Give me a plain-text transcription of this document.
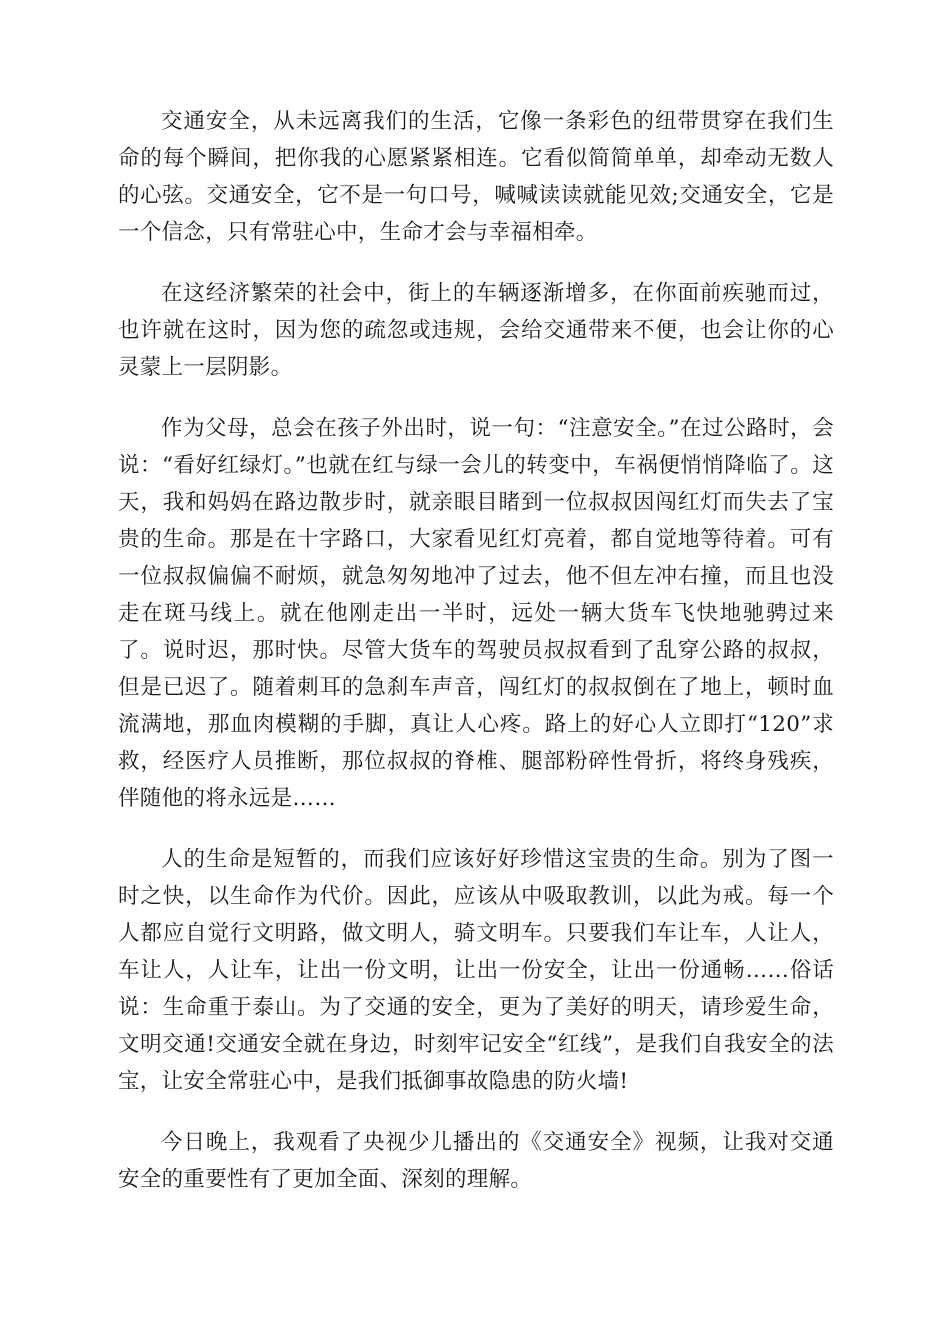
交通安全，从未远离我们的生活，它像一条彩色的纽带贯穿在我们生命的每个瞬间，把你我的心愿紧紧相连。它看似简简单单，却牵动无数人的心弦。交通安全，它不是一句口号，喊喊读读就能见效;交通安全，它是一个信念，只有常驻心中，生命才会与幸福相牵。

在这经济繁荣的社会中，街上的车辆逐渐增多，在你面前疾驰而过，也许就在这时，因为您的疏忽或违规，会给交通带来不便，也会让你的心灵蒙上一层阴影。

作为父母，总会在孩子外出时，说一句：“注意安全。”在过公路时，会说：“看好红绿灯。”也就在红与绿一会儿的转变中，车祸便悄悄降临了。这天，我和妈妈在路边散步时，就亲眼目睹到一位叔叔因闯红灯而失去了宝贵的生命。那是在十字路口，大家看见红灯亮着，都自觉地等待着。可有一位叔叔偏偏不耐烦，就急匆匆地冲了过去，他不但左冲右撞，而且也没走在斑马线上。就在他刚走出一半时，远处一辆大货车飞快地驰骋过来了。说时迟，那时快。尽管大货车的驾驶员叔叔看到了乱穿公路的叔叔，但是已迟了。随着刺耳的急刹车声音，闯红灯的叔叔倒在了地上，顿时血流满地，那血肉模糊的手脚，真让人心疼。路上的好心人立即打“120”求救，经医疗人员推断，那位叔叔的脊椎、腿部粉碎性骨折，将终身残疾，伴随他的将永远是……

人的生命是短暂的，而我们应该好好珍惜这宝贵的生命。别为了图一时之快，以生命作为代价。因此，应该从中吸取教训，以此为戒。每一个人都应自觉行文明路，做文明人，骑文明车。只要我们车让车，人让人，车让人，人让车，让出一份文明，让出一份安全，让出一份通畅……俗话说：生命重于泰山。为了交通的安全，更为了美好的明天，请珍爱生命，文明交通!交通安全就在身边，时刻牢记安全“红线”，是我们自我安全的法宝，让安全常驻心中，是我们抵御事故隐患的防火墙!

今日晚上，我观看了央视少儿播出的《交通安全》视频，让我对交通安全的重要性有了更加全面、深刻的理解。
